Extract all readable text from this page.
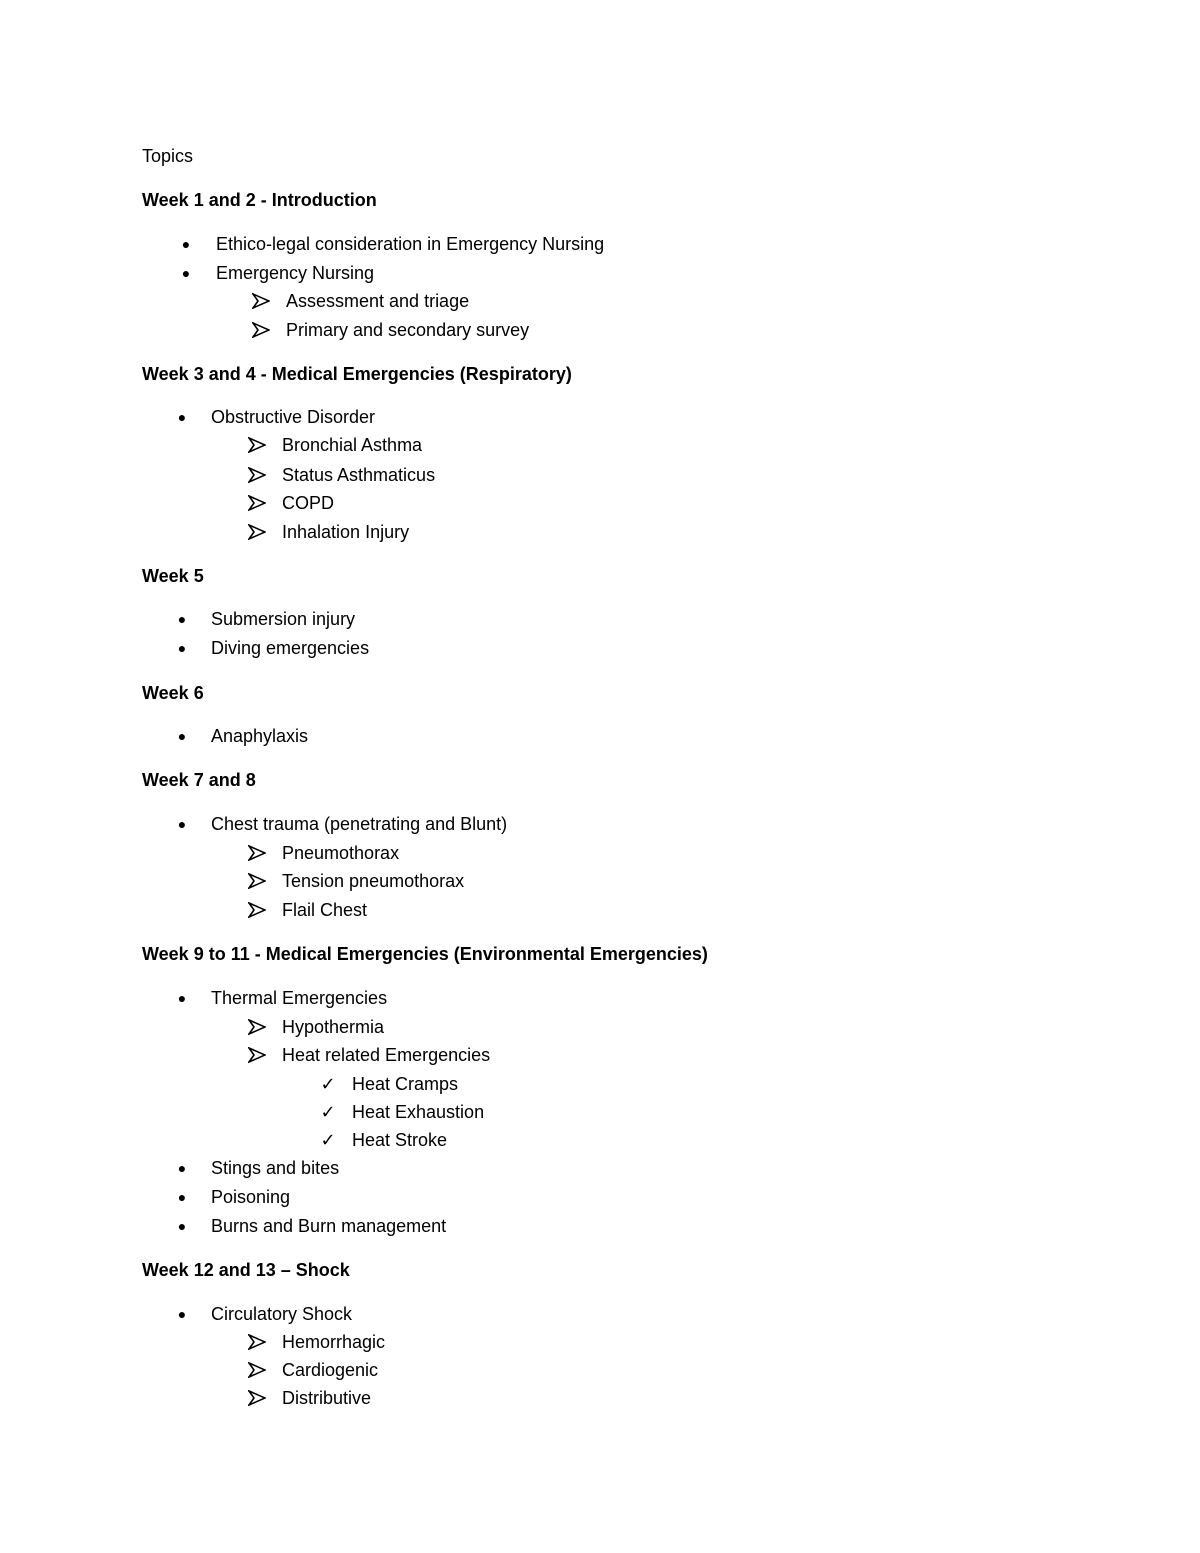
Topics
Week 1 and 2 - Introduction
● Ethico-legal consideration in Emergency Nursing
● Emergency Nursing
Assessment and triage
Primary and secondary survey
Week 3 and 4 - Medical Emergencies (Respiratory)
● Obstructive Disorder
Bronchial Asthma
Status Asthmaticus
COPD
Inhalation Injury
Week 5
● Submersion injury
● Diving emergencies
Week 6
● Anaphylaxis
Week 7 and 8
● Chest trauma (penetrating and Blunt)
Pneumothorax
Tension pneumothorax
Flail Chest
Week 9 to 11 - Medical Emergencies (Environmental Emergencies)
● Thermal Emergencies
Hypothermia
Heat related Emergencies
✓ Heat Cramps
✓ Heat Exhaustion
✓ Heat Stroke
● Stings and bites
● Poisoning
● Burns and Burn management
Week 12 and 13 – Shock
● Circulatory Shock
Hemorrhagic
Cardiogenic
Distributive
